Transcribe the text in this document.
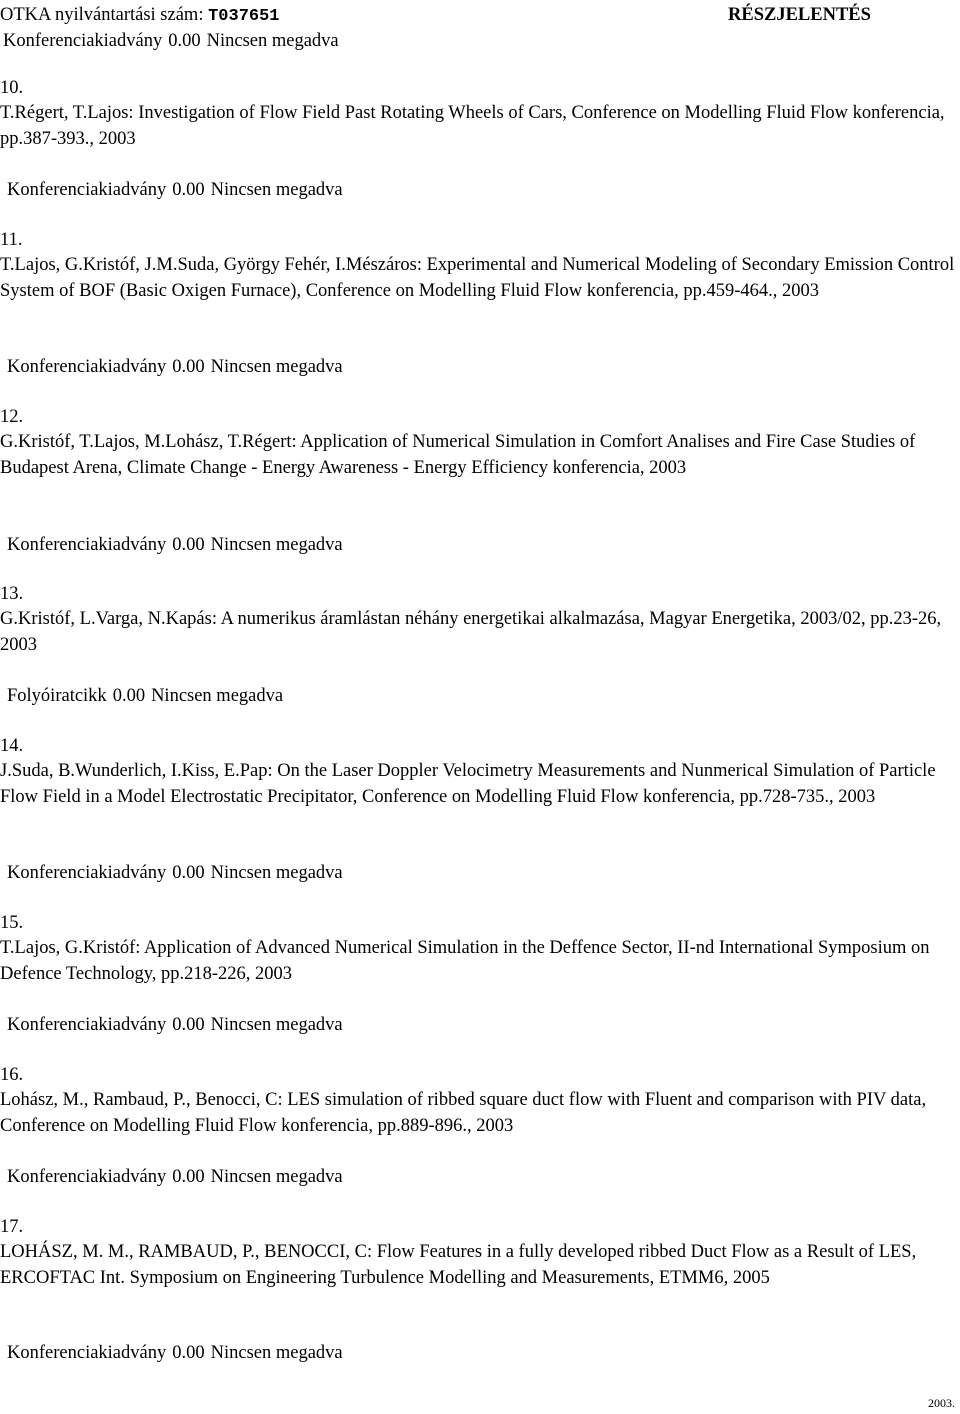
OTKA nyilvántartási szám: T037651	RÉSZJELENTÉS
Konferenciakiadvány 0.00 Nincsen megadva
10.
T.Régert, T.Lajos: Investigation of Flow Field Past Rotating Wheels of Cars, Conference on Modelling Fluid Flow konferencia, pp.387-393., 2003
Konferenciakiadvány 0.00 Nincsen megadva
11.
T.Lajos, G.Kristóf, J.M.Suda, György Fehér, I.Mészáros: Experimental and Numerical Modeling of Secondary Emission Control System of BOF (Basic Oxigen Furnace), Conference on Modelling Fluid Flow konferencia, pp.459-464., 2003
Konferenciakiadvány 0.00 Nincsen megadva
12.
G.Kristóf, T.Lajos, M.Lohász, T.Régert: Application of Numerical Simulation in Comfort Analises and Fire Case Studies of Budapest Arena, Climate Change - Energy Awareness - Energy Efficiency konferencia, 2003
Konferenciakiadvány 0.00 Nincsen megadva
13.
G.Kristóf, L.Varga, N.Kapás: A numerikus áramlástan néhány energetikai alkalmazása, Magyar Energetika, 2003/02, pp.23-26, 2003
Folyóiratcikk 0.00 Nincsen megadva
14.
J.Suda, B.Wunderlich, I.Kiss, E.Pap: On the Laser Doppler Velocimetry Measurements and Nunmerical Simulation of Particle Flow Field in a Model Electrostatic Precipitator, Conference on Modelling Fluid Flow konferencia, pp.728-735., 2003
Konferenciakiadvány 0.00 Nincsen megadva
15.
T.Lajos, G.Kristóf: Application of Advanced Numerical Simulation in the Deffence Sector, II-nd International Symposium on Defence Technology, pp.218-226, 2003
Konferenciakiadvány 0.00 Nincsen megadva
16.
Lohász, M., Rambaud, P., Benocci, C: LES simulation of ribbed square duct flow with Fluent and comparison with PIV data, Conference on Modelling Fluid Flow konferencia, pp.889-896., 2003
Konferenciakiadvány 0.00 Nincsen megadva
17.
LOHÁSZ, M. M., RAMBAUD, P., BENOCCI, C: Flow Features in a fully developed ribbed Duct Flow as a Result of LES, ERCOFTAC Int. Symposium on Engineering Turbulence Modelling and Measurements, ETMM6, 2005
Konferenciakiadvány 0.00 Nincsen megadva
2003.
